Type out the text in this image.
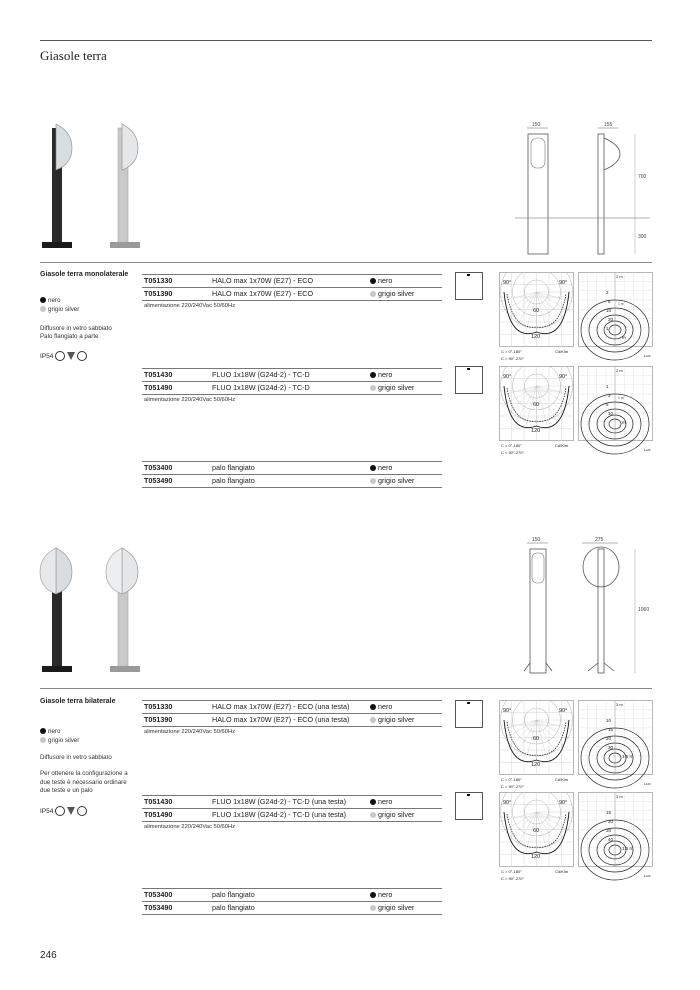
Giasole terra
150	155
700
300
Giasole terra monolaterale
nero
grigio silver
Diffusore in vetro sabbiato
Palo flangiato a parte
IP54
T051330	HALO max 1x70W (E27) - ECO	nero
T051390	HALO max 1x70W (E27) - ECO	grigio silver
alimentazione 220/240Vac 50/60Hz
T051430	FLUO 1x18W (G24d-2) - TC-D	nero
T051490	FLUO 1x18W (G24d-2) - TC-D	grigio silver
alimentazione 220/240Vac 50/60Hz
T053400	palo flangiato	nero
T053490	palo flangiato	grigio silver
150	275
1060
Giasole terra bilaterale
nero
grigio silver
Diffusore in vetro sabbiato
Per ottenere la configurazione a due teste è necessario ordinare due teste e un palo
IP54
T051330	HALO max 1x70W (E27) - ECO (una testa)	nero
T051390	HALO max 1x70W (E27) - ECO (una testa)	grigio silver
alimentazione 220/240Vac 50/60Hz
T051430	FLUO 1x18W (G24d-2) - TC-D (una testa)	nero
T051490	FLUO 1x18W (G24d-2) - TC-D (una testa)	grigio silver
alimentazione 220/240Vac 50/60Hz
T053400	palo flangiato	nero
T053490	palo flangiato	grigio silver
90°	90°
60
120
C = 0°-180°
C = 90°-270°
Cd/Klm
2 m
2
5
10
20
1
m
1 m
Lux
90°	90°
60
120
C = 0°-180°
C = 90°-270°
Cd/Klm
2 m
1
2
5
10
m
1 m
Lux
90°	90°
60
120
C = 0°-180°
C = 90°-270°
Cd/Klm
3 m
10
15
20
30
1.5 m
Lux
90°	90°
60
120
C = 0°-180°
C = 90°-270°
Cd/Klm
3 m
15
20
30
40
1.5 m
Lux
246
